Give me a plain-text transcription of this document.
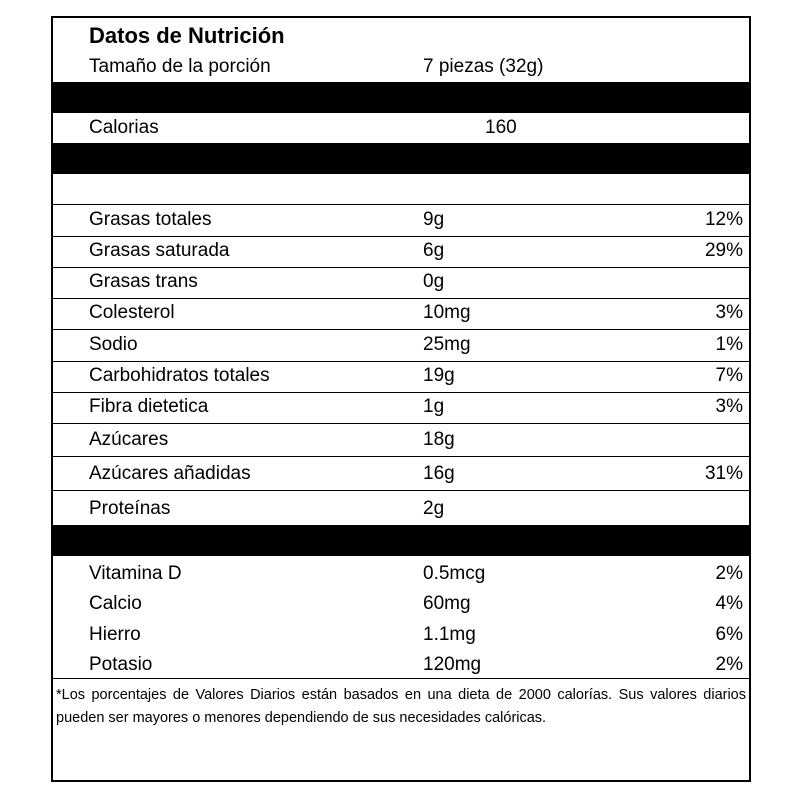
Datos de Nutrición
Tamaño de la porción	7 piezas (32g)
Calorias	160
Grasas totales	9g	12%
Grasas saturada	6g	29%
Grasas trans	0g
Colesterol	10mg	3%
Sodio	25mg	1%
Carbohidratos totales	19g	7%
Fibra dietetica	1g	3%
Azúcares	18g
Azúcares añadidas	16g	31%
Proteínas	2g
Vitamina D	0.5mcg	2%
Calcio	60mg	4%
Hierro	1.1mg	6%
Potasio	120mg	2%
*Los porcentajes de Valores Diarios están basados en una dieta de 2000 calorías. Sus valores diarios pueden ser mayores o menores dependiendo de sus necesidades calóricas.
